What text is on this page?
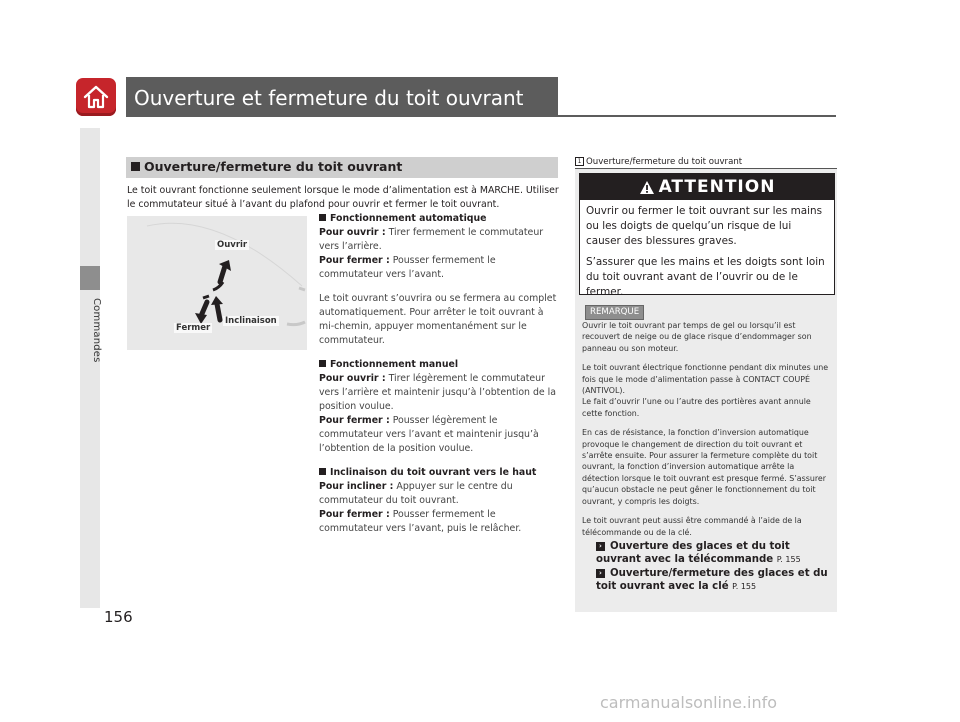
Commandes
Ouverture et fermeture du toit ouvrant
Ouverture/fermeture du toit ouvrant
Le toit ouvrant fonctionne seulement lorsque le mode d’alimentation est à MARCHE. Utiliser le commutateur situé à l’avant du plafond pour ouvrir et fermer le toit ouvrant.
Ouvrir
Inclinaison
Fermer

Fonctionnement automatique

Pour ouvrir : Tirer fermement le commutateur vers l’arrière.

Pour fermer : Pousser fermement le commutateur vers l’avant.

Le toit ouvrant s’ouvrira ou se fermera au complet automatiquement. Pour arrêter le toit ouvrant à mi-chemin, appuyer momentanément sur le commutateur.

Fonctionnement manuel

Pour ouvrir : Tirer légèrement le commutateur vers l’arrière et maintenir jusqu’à l’obtention de la position voulue.

Pour fermer : Pousser légèrement le commutateur vers l’avant et maintenir jusqu’à l’obtention de la position voulue.

Inclinaison du toit ouvrant vers le haut

Pour incliner : Appuyer sur le centre du commutateur du toit ouvrant.

Pour fermer : Pousser fermement le commutateur vers l’avant, puis le relâcher.

1 Ouverture/fermeture du toit ouvrant
ATTENTION

Ouvrir ou fermer le toit ouvrant sur les mains ou les doigts de quelqu’un risque de lui causer des blessures graves.

S’assurer que les mains et les doigts sont loin du toit ouvrant avant de l’ouvrir ou de le fermer.

REMARQUE

Ouvrir le toit ouvrant par temps de gel ou lorsqu’il est recouvert de neige ou de glace risque d’endommager son panneau ou son moteur.

Le toit ouvrant électrique fonctionne pendant dix minutes une fois que le mode d’alimentation passe à CONTACT COUPÉ (ANTIVOL).
Le fait d’ouvrir l’une ou l’autre des portières avant annule cette fonction.

En cas de résistance, la fonction d’inversion automatique provoque le changement de direction du toit ouvrant et s’arrête ensuite. Pour assurer la fermeture complète du toit ouvrant, la fonction d’inversion automatique arrête la détection lorsque le toit ouvrant est presque fermé. S’assurer qu’aucun obstacle ne peut gêner le fonctionnement du toit ouvrant, y compris les doigts.

Le toit ouvrant peut aussi être commandé à l’aide de la télécommande ou de la clé.

› Ouverture des glaces et du toit ouvrant avec la télécommande P. 155
› Ouverture/fermeture des glaces et du toit ouvrant avec la clé P. 155
156
carmanualsonline.info
